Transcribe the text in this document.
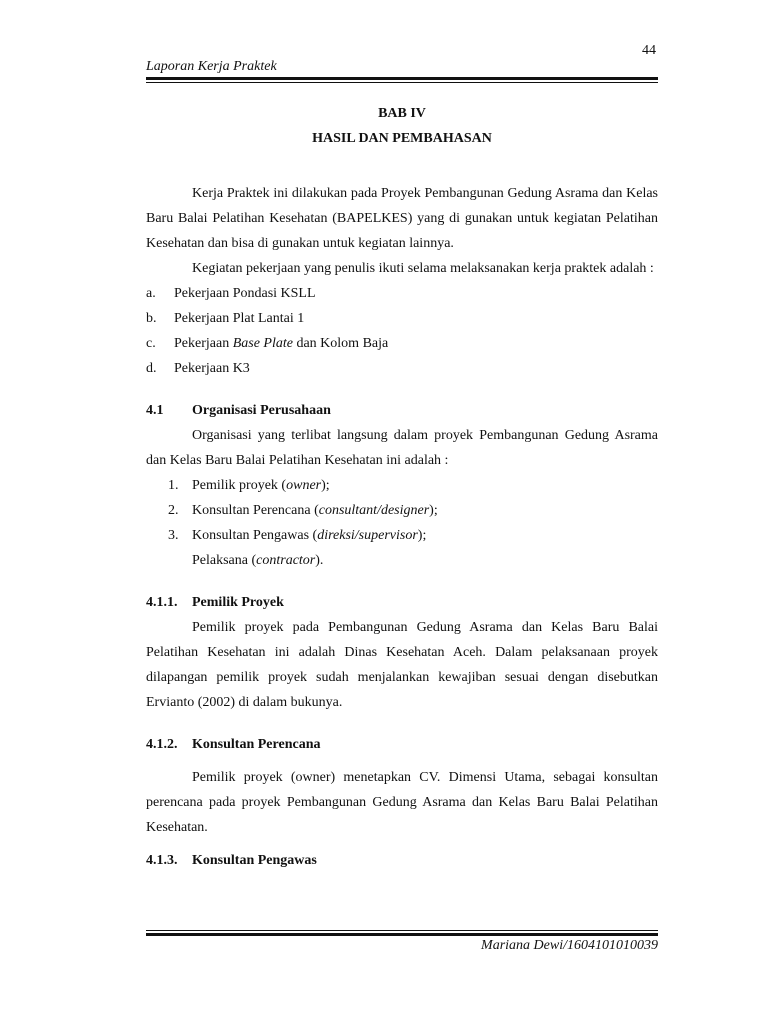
44
Laporan Kerja Praktek
BAB IV
HASIL DAN PEMBAHASAN

Kerja Praktek ini dilakukan pada Proyek Pembangunan Gedung Asrama dan Kelas Baru Balai Pelatihan Kesehatan (BAPELKES) yang di gunakan untuk kegiatan Pelatihan Kesehatan dan bisa di gunakan untuk kegiatan lainnya.

Kegiatan pekerjaan yang penulis ikuti selama melaksanakan kerja praktek adalah :

a.	Pekerjaan Pondasi KSLL
b.	Pekerjaan Plat Lantai 1
c.	Pekerjaan Base Plate dan Kolom Baja
d.	Pekerjaan K3
4.1	Organisasi Perusahaan

Organisasi yang terlibat langsung dalam proyek Pembangunan Gedung Asrama dan Kelas Baru Balai Pelatihan Kesehatan ini adalah :

1. Pemilik proyek (owner);
2. Konsultan Perencana (consultant/designer);
3. Konsultan Pengawas (direksi/supervisor);
Pelaksana (contractor).
4.1.1.	Pemilik Proyek

Pemilik proyek pada Pembangunan Gedung Asrama dan Kelas Baru Balai Pelatihan Kesehatan ini adalah Dinas Kesehatan Aceh. Dalam pelaksanaan proyek dilapangan pemilik proyek sudah menjalankan kewajiban sesuai dengan disebutkan Ervianto (2002) di dalam bukunya.

4.1.2.	Konsultan Perencana

Pemilik proyek (owner) menetapkan CV. Dimensi Utama, sebagai konsultan perencana pada proyek Pembangunan Gedung Asrama dan Kelas Baru Balai Pelatihan Kesehatan.

4.1.3.	Konsultan Pengawas
Mariana Dewi/1604101010039
